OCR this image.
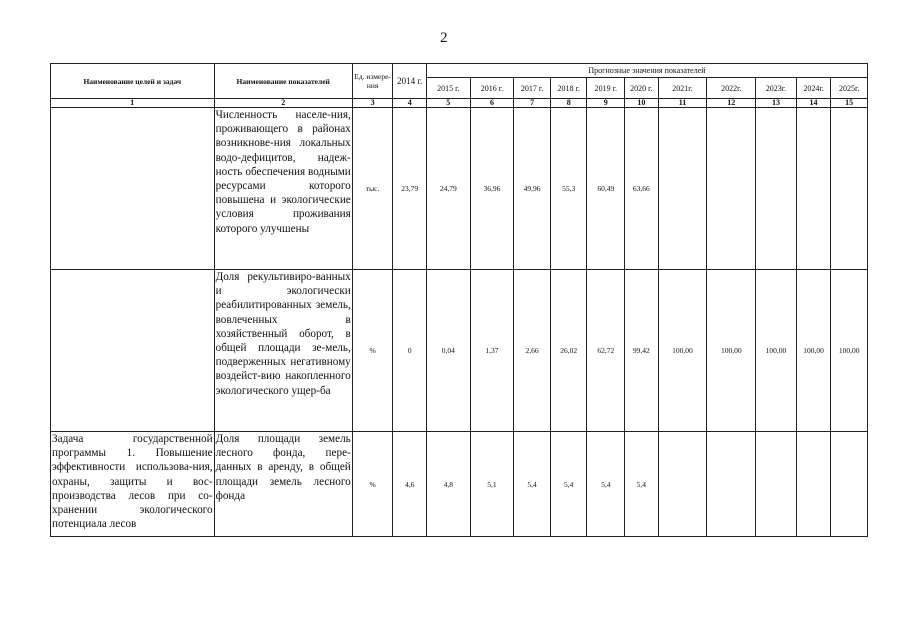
2
Наименование целей и задач	Наименование показателей	Ед. измере-ния	2014 г.	Прогнозные значения показателей										
				2015 г.	2016 г.	2017 г.	2018 г.	2019 г.	2020 г.	2021г.	2022г.	2023г.	2024г.	2025г.
1	2	3	4	5	6	7	8	9	10	11	12	13	14	15
	Численность населе-ния, проживающего в районах возникнове-ния локальных водо-дефицитов, надеж-ность обеспечения водными ресурсами которого повышена и экологические условия проживания которого улучшены	тыс.	23,79	24,79	36,96	49,96	55,3	60,49	63,66					
	Доля рекультивиро-ванных и экологически реабилитированных земель, вовлеченных в хозяйственный оборот, в общей площади зе-мель, подверженных негативному воздейст-вию накопленного экологического ущер-ба	%	0	0,04	1,37	2,66	26,02	62,72	99,42	100,00	100,00	100,00	100,00	100,00
Задача государственной программы 1. Повышение эффективности использова-ния, охраны, защиты и вос-производства лесов при со-хранении экологического потенциала лесов	Доля площади земель лесного фонда, пере-данных в аренду, в общей площади земель лесного фонда	%	4,6	4,8	5,1	5,4	5,4	5,4	5,4					
